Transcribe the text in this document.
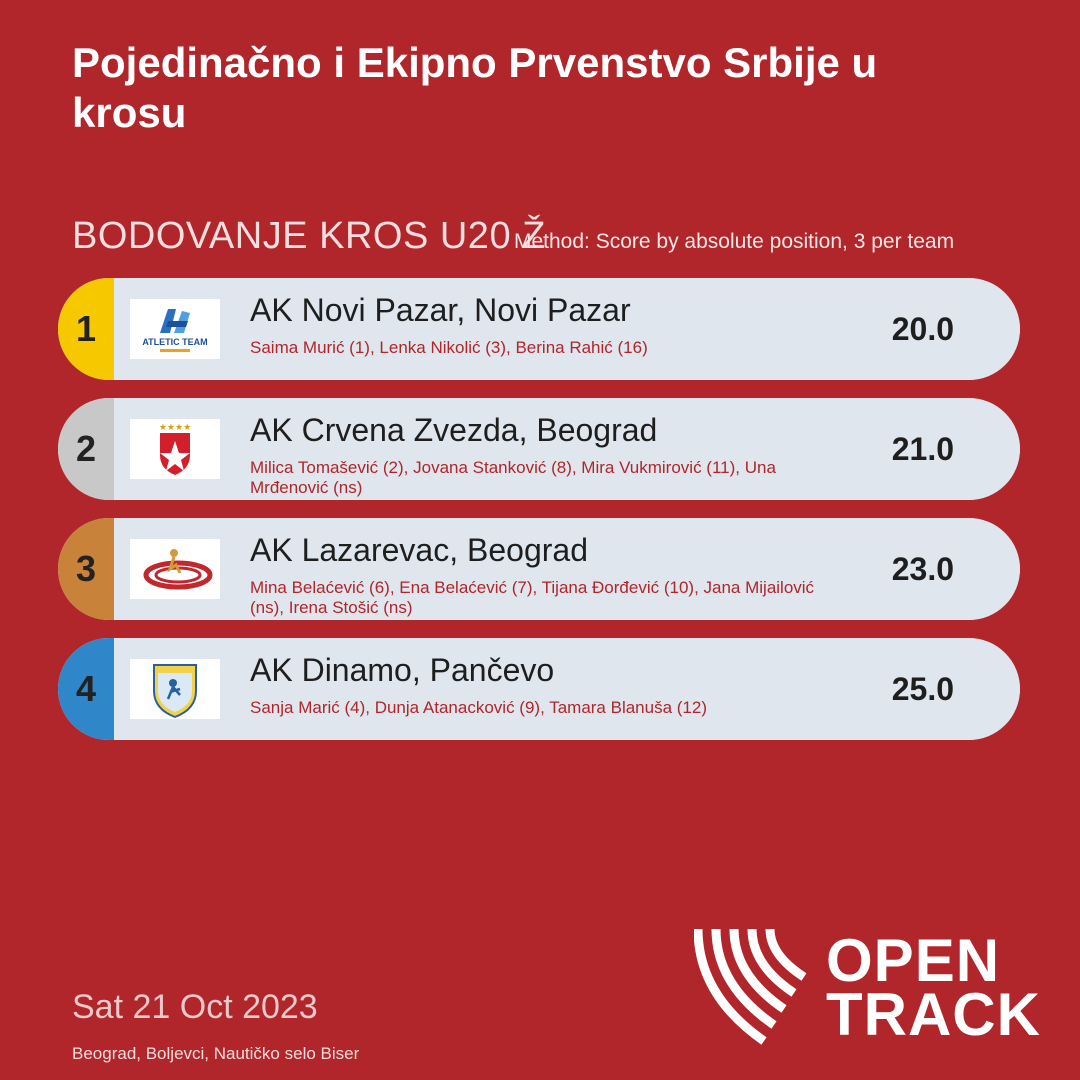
Pojedinačno i Ekipno Prvenstvo Srbije u krosu
BODOVANJE KROS U20 Ž
Method: Score by absolute position, 3 per team
1	ATLETIC TEAM
AK Novi Pazar, Novi Pazar
Saima Murić (1), Lenka Nikolić (3), Berina Rahić (16)
20.0
2	★★★★ AK Crvena Zvezda, Beograd
Milica Tomašević (2), Jovana Stanković (8), Mira Vukmirović (11), Una Mrđenović (ns)
21.0
3	AK Lazarevac, Beograd
Mina Belaćević (6), Ena Belaćević (7), Tijana Đorđević (10), Jana Mijailović (ns), Irena Stošić (ns)
23.0
4	AK Dinamo, Pančevo
Sanja Marić (4), Dunja Atanacković (9), Tamara Blanuša (12)
25.0
Sat 21 Oct 2023
Beograd, Boljevci, Nautičko selo Biser
OPEN
TRACK
